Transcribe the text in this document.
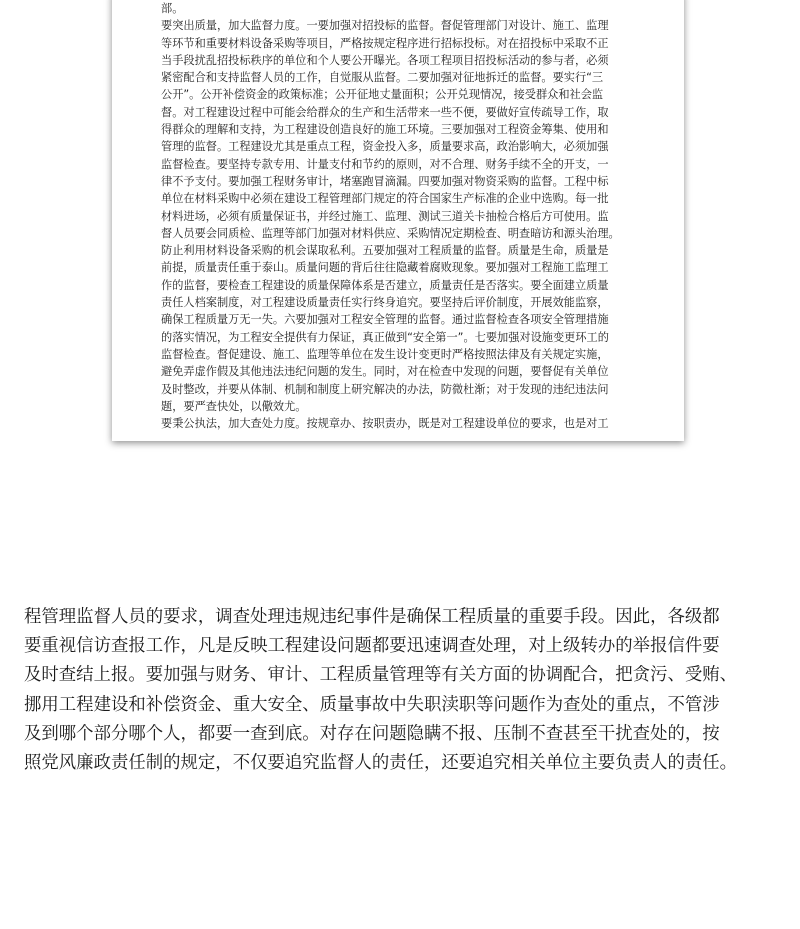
部。
要突出质量，加大监督力度。一要加强对招投标的监督。督促管理部门对设计、施工、监理
等环节和重要材料设备采购等项目，严格按规定程序进行招标投标。对在招投标中采取不正
当手段扰乱招投标秩序的单位和个人要公开曝光。各项工程项目招投标活动的参与者，必须
紧密配合和支持监督人员的工作，自觉服从监督。二要加强对征地拆迁的监督。要实行“三
公开”。公开补偿资金的政策标准；公开征地丈量面积；公开兑现情况，接受群众和社会监
督。对工程建设过程中可能会给群众的生产和生活带来一些不便，要做好宣传疏导工作，取
得群众的理解和支持，为工程建设创造良好的施工环境。三要加强对工程资金筹集、使用和
管理的监督。工程建设尤其是重点工程，资金投入多，质量要求高，政治影响大，必须加强
监督检查。要坚持专款专用、计量支付和节约的原则，对不合理、财务手续不全的开支，一
律不予支付。要加强工程财务审计，堵塞跑冒滴漏。四要加强对物资采购的监督。工程中标
单位在材料采购中必须在建设工程管理部门规定的符合国家生产标准的企业中选购。每一批
材料进场，必须有质量保证书，并经过施工、监理、测试三道关卡抽检合格后方可使用。监
督人员要会同质检、监理等部门加强对材料供应、采购情况定期检查、明查暗访和源头治理。
防止利用材料设备采购的机会谋取私利。五要加强对工程质量的监督。质量是生命，质量是
前提，质量责任重于泰山。质量问题的背后往往隐藏着腐败现象。要加强对工程施工监理工
作的监督，要检查工程建设的质量保障体系是否建立，质量责任是否落实。要全面建立质量
责任人档案制度，对工程建设质量责任实行终身追究。要坚持后评价制度，开展效能监察，
确保工程质量万无一失。六要加强对工程安全管理的监督。通过监督检查各项安全管理措施
的落实情况，为工程安全提供有力保证，真正做到“安全第一”。七要加强对设施变更环工的
监督检查。督促建设、施工、监理等单位在发生设计变更时严格按照法律及有关规定实施，
避免弄虚作假及其他违法违纪问题的发生。同时，对在检查中发现的问题，要督促有关单位
及时整改，并要从体制、机制和制度上研究解决的办法，防微杜渐；对于发现的违纪违法问
题，要严查快处，以儆效尤。
要秉公执法，加大查处力度。按规章办、按职责办，既是对工程建设单位的要求，也是对工
程管理监督人员的要求，调查处理违规违纪事件是确保工程质量的重要手段。因此，各级都
要重视信访查报工作，凡是反映工程建设问题都要迅速调查处理，对上级转办的举报信件要
及时查结上报。要加强与财务、审计、工程质量管理等有关方面的协调配合，把贪污、受贿、
挪用工程建设和补偿资金、重大安全、质量事故中失职渎职等问题作为查处的重点，不管涉
及到哪个部分哪个人，都要一查到底。对存在问题隐瞒不报、压制不查甚至干扰查处的，按
照党风廉政责任制的规定，不仅要追究监督人的责任，还要追究相关单位主要负责人的责任。
